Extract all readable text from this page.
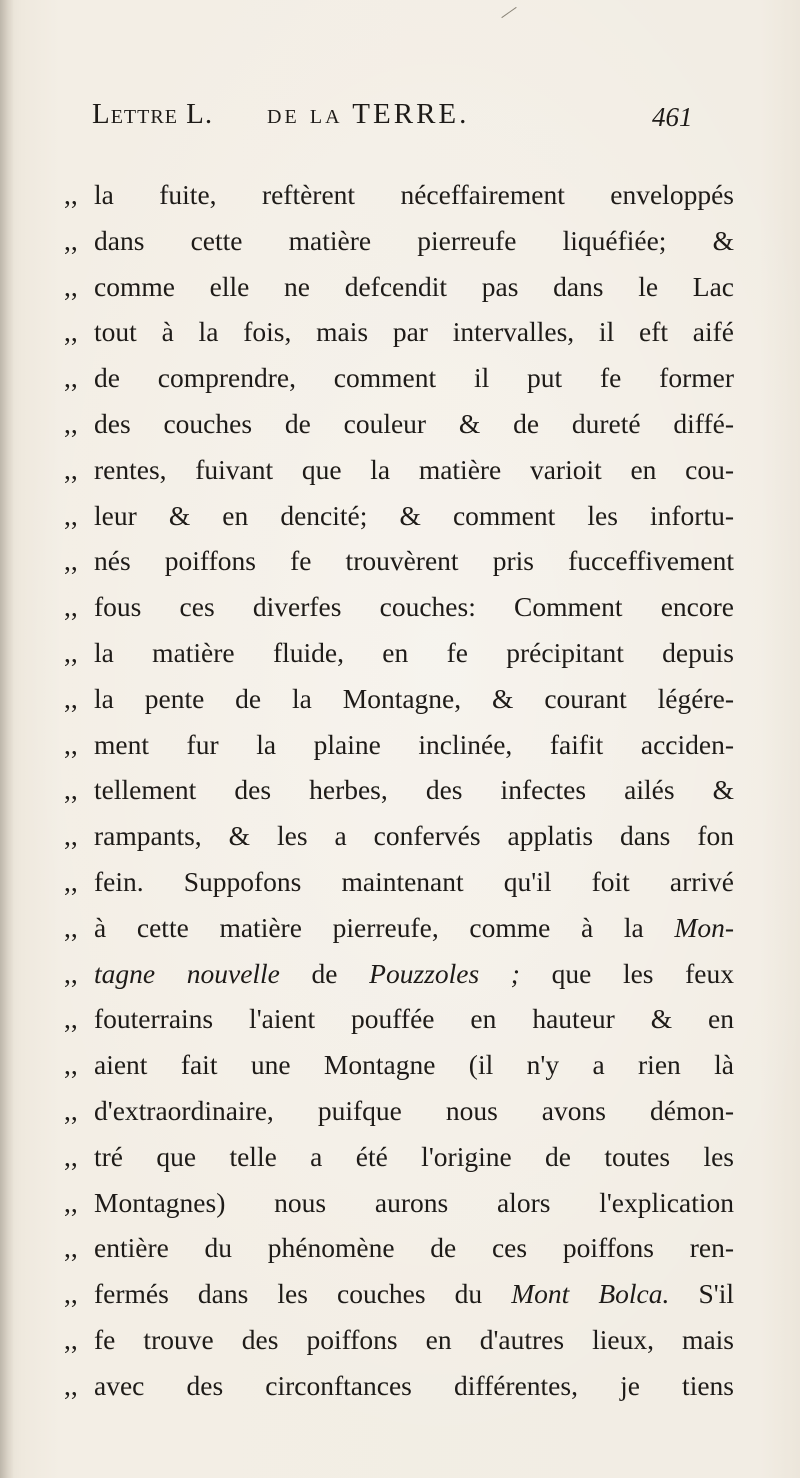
Lettre L. de la TERRE.	461
,, la fuite, reftèrent néceffairement enveloppés
,, dans cette matière pierreufe liquéfiée; &
,, comme elle ne defcendit pas dans le Lac
,, tout à la fois, mais par intervalles, il eft aifé
,, de comprendre, comment il put fe former
,, des couches de couleur & de dureté diffé-
,, rentes, fuivant que la matière varioit en cou-
,, leur & en dencité; & comment les infortu-
,, nés poiffons fe trouvèrent pris fucceffivement
,, fous ces diverfes couches: Comment encore
,, la matière fluide, en fe précipitant depuis
,, la pente de la Montagne, & courant légére-
,, ment fur la plaine inclinée, faifit acciden-
,, tellement des herbes, des infectes ailés &
,, rampants, & les a confervés applatis dans fon
,, fein. Suppofons maintenant qu'il foit arrivé
,, à cette matière pierreufe, comme à la Mon-
,, tagne nouvelle de Pouzzoles ; que les feux
,, fouterrains l'aient pouffée en hauteur & en
,, aient fait une Montagne (il n'y a rien là
,, d'extraordinaire, puifque nous avons démon-
,, tré que telle a été l'origine de toutes les
,, Montagnes) nous aurons alors l'explication
,, entière du phénomène de ces poiffons ren-
,, fermés dans les couches du Mont Bolca. S'il
,, fe trouve des poiffons en d'autres lieux, mais
,, avec des circonftances différentes, je tiens
